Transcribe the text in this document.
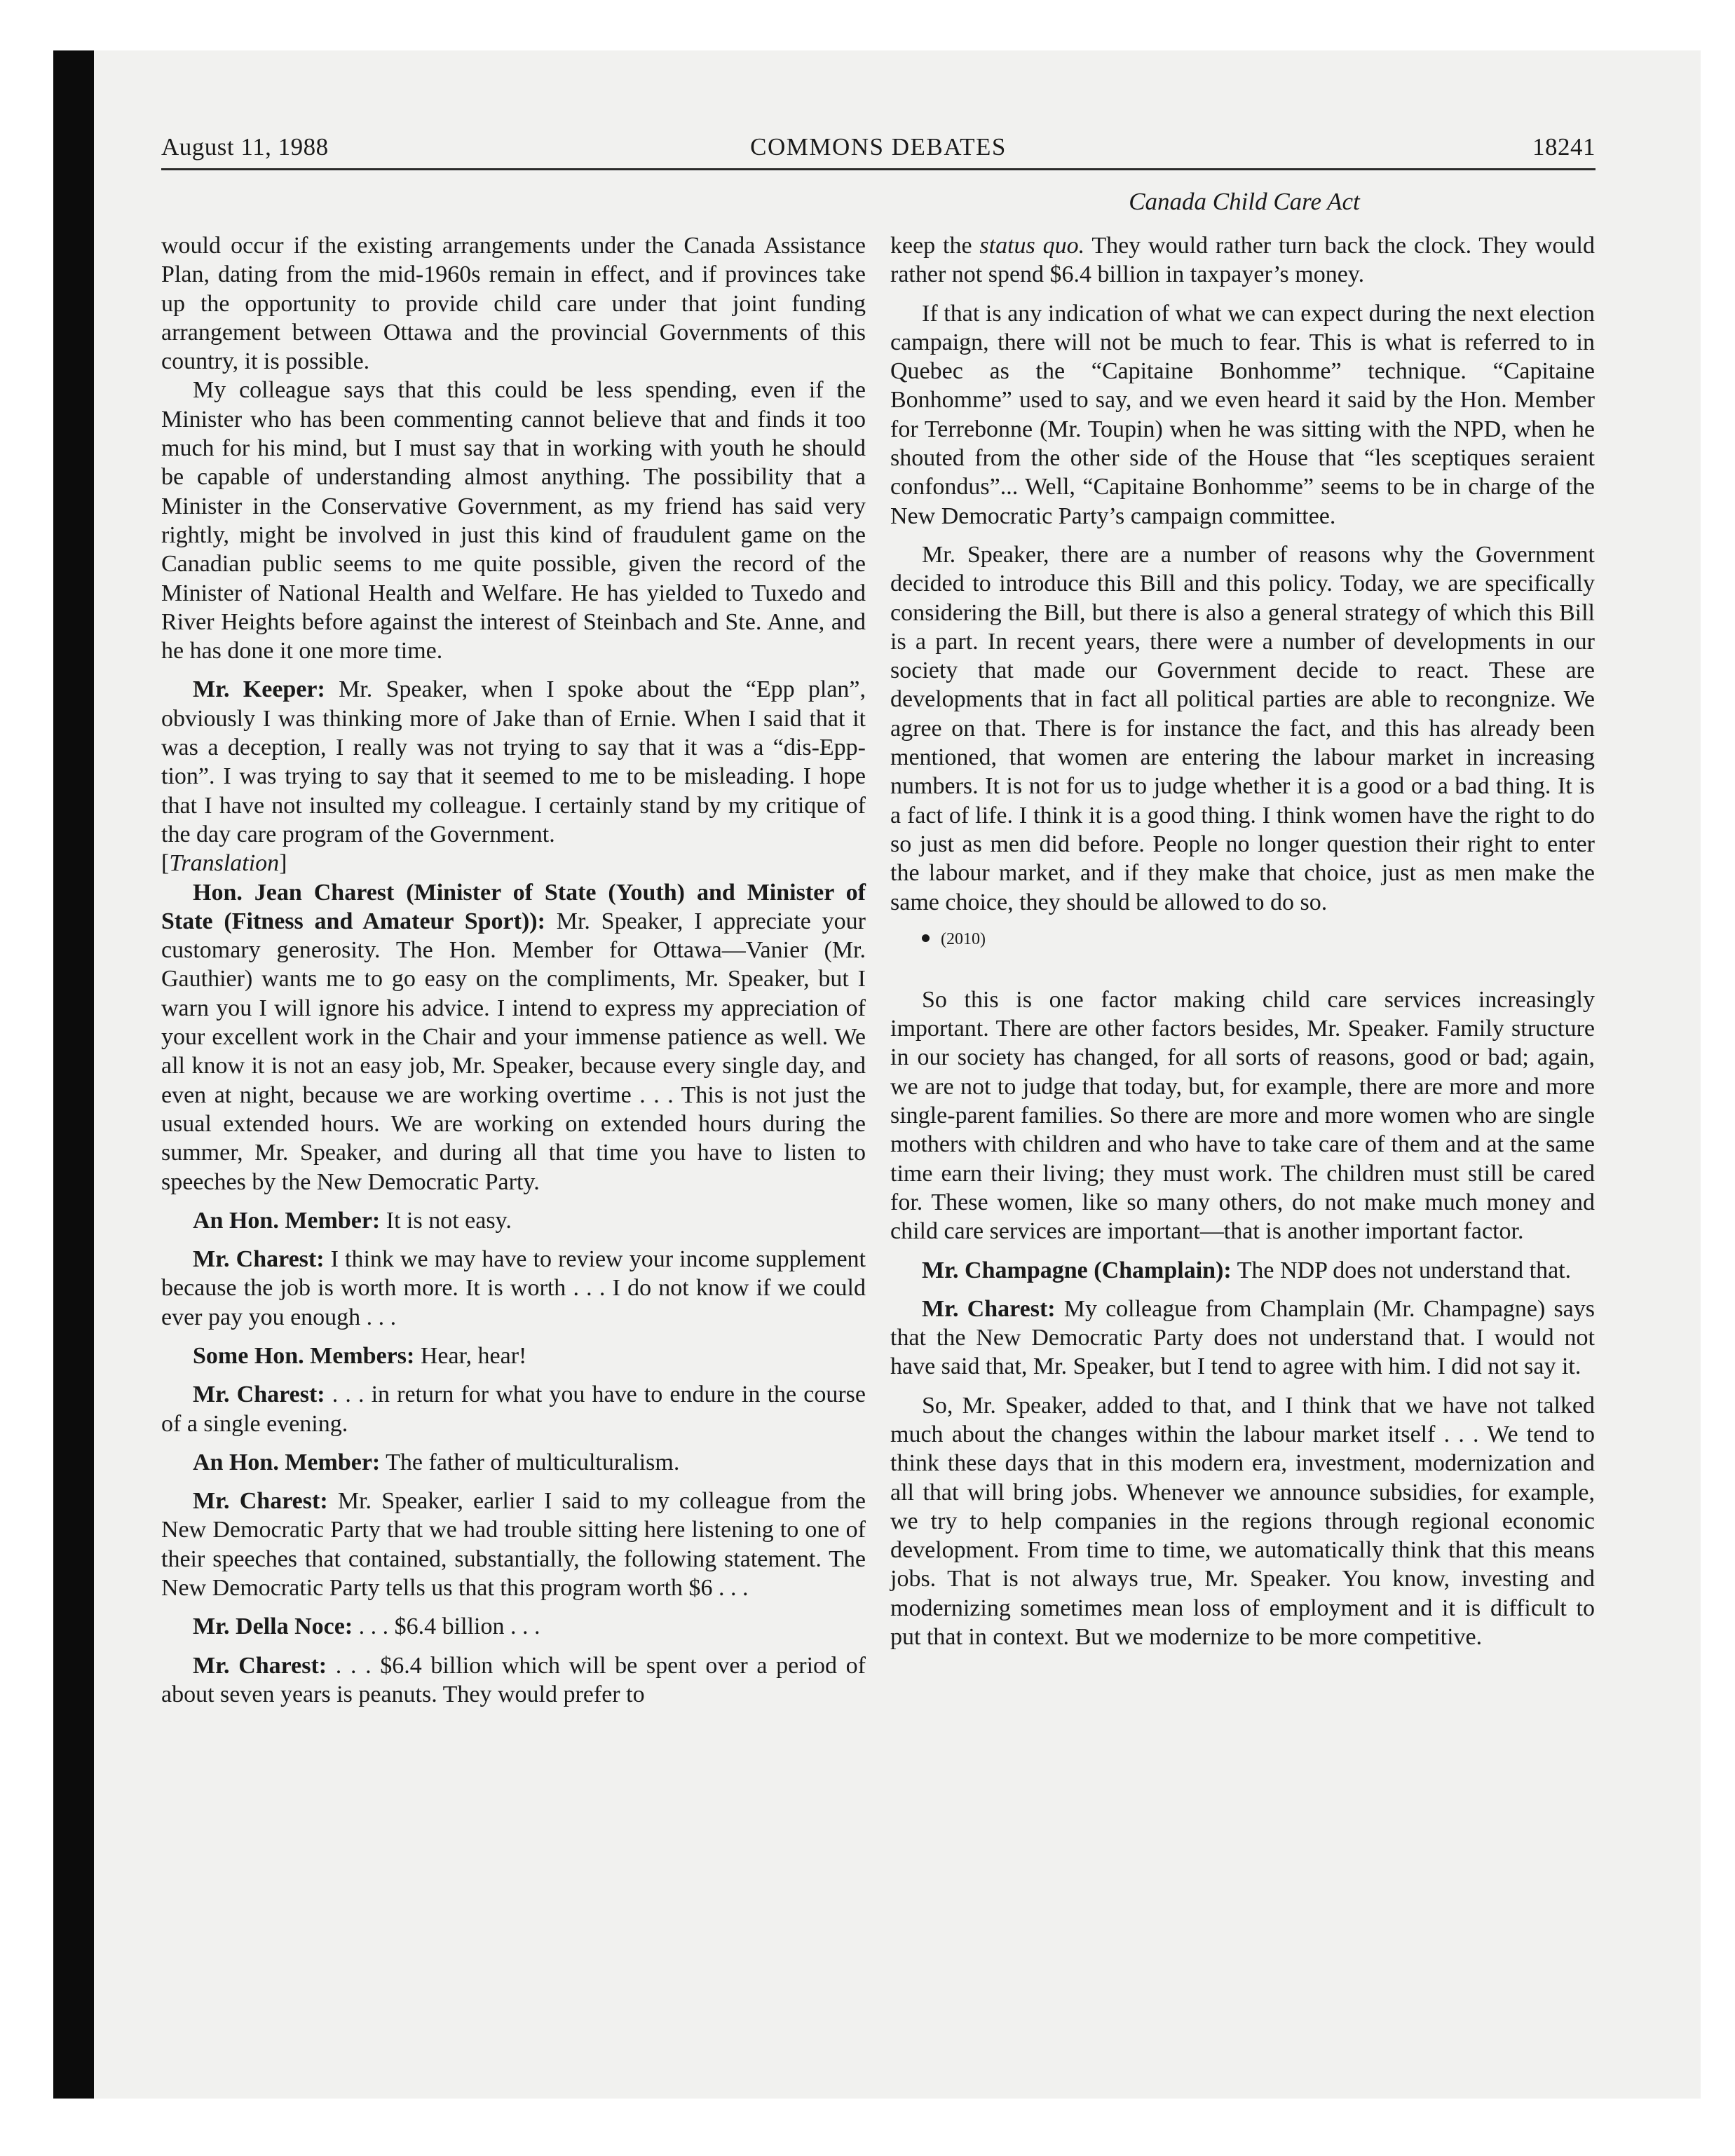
August 11, 1988	COMMONS DEBATES	18241
Canada Child Care Act

would occur if the existing arrangements under the Canada Assistance Plan, dating from the mid-1960s remain in effect, and if provinces take up the opportunity to provide child care under that joint funding arrangement between Ottawa and the provincial Governments of this country, it is possible.

My colleague says that this could be less spending, even if the Minister who has been commenting cannot believe that and finds it too much for his mind, but I must say that in working with youth he should be capable of understanding almost anything. The possibility that a Minister in the Conservative Government, as my friend has said very rightly, might be involved in just this kind of fraudulent game on the Canadian public seems to me quite possible, given the record of the Minister of National Health and Welfare. He has yielded to Tuxedo and River Heights before against the interest of Steinbach and Ste. Anne, and he has done it one more time.

Mr. Keeper: Mr. Speaker, when I spoke about the “Epp plan”, obviously I was thinking more of Jake than of Ernie. When I said that it was a deception, I really was not trying to say that it was a “dis-Epp-tion”. I was trying to say that it seemed to me to be misleading. I hope that I have not insulted my colleague. I certainly stand by my critique of the day care program of the Government.

[Translation]

Hon. Jean Charest (Minister of State (Youth) and Minister of State (Fitness and Amateur Sport)): Mr. Speaker, I appreciate your customary generosity. The Hon. Member for Ottawa—Vanier (Mr. Gauthier) wants me to go easy on the compliments, Mr. Speaker, but I warn you I will ignore his advice. I intend to express my appreciation of your excellent work in the Chair and your immense patience as well. We all know it is not an easy job, Mr. Speaker, because every single day, and even at night, because we are working overtime . . . This is not just the usual extended hours. We are working on extended hours during the summer, Mr. Speaker, and during all that time you have to listen to speeches by the New Democratic Party.

An Hon. Member: It is not easy.

Mr. Charest: I think we may have to review your income supplement because the job is worth more. It is worth . . . I do not know if we could ever pay you enough . . .

Some Hon. Members: Hear, hear!

Mr. Charest: . . . in return for what you have to endure in the course of a single evening.

An Hon. Member: The father of multiculturalism.

Mr. Charest: Mr. Speaker, earlier I said to my colleague from the New Democratic Party that we had trouble sitting here listening to one of their speeches that contained, substantially, the following statement. The New Democratic Party tells us that this program worth $6 . . .

Mr. Della Noce: . . . $6.4 billion . . .

Mr. Charest: . . . $6.4 billion which will be spent over a period of about seven years is peanuts. They would prefer to

keep the status quo. They would rather turn back the clock. They would rather not spend $6.4 billion in taxpayer’s money.

If that is any indication of what we can expect during the next election campaign, there will not be much to fear. This is what is referred to in Quebec as the “Capitaine Bonhomme” technique. “Capitaine Bonhomme” used to say, and we even heard it said by the Hon. Member for Terrebonne (Mr. Toupin) when he was sitting with the NPD, when he shouted from the other side of the House that “les sceptiques seraient confondus”... Well, “Capitaine Bonhomme” seems to be in charge of the New Democratic Party’s campaign committee.

Mr. Speaker, there are a number of reasons why the Government decided to introduce this Bill and this policy. Today, we are specifically considering the Bill, but there is also a general strategy of which this Bill is a part. In recent years, there were a number of developments in our society that made our Government decide to react. These are developments that in fact all political parties are able to recongnize. We agree on that. There is for instance the fact, and this has already been mentioned, that women are entering the labour market in increasing numbers. It is not for us to judge whether it is a good or a bad thing. It is a fact of life. I think it is a good thing. I think women have the right to do so just as men did before. People no longer question their right to enter the labour market, and if they make that choice, just as men make the same choice, they should be allowed to do so.

(2010)

So this is one factor making child care services increasingly important. There are other factors besides, Mr. Speaker. Family structure in our society has changed, for all sorts of reasons, good or bad; again, we are not to judge that today, but, for example, there are more and more single-parent families. So there are more and more women who are single mothers with children and who have to take care of them and at the same time earn their living; they must work. The children must still be cared for. These women, like so many others, do not make much money and child care services are important—that is another important factor.

Mr. Champagne (Champlain): The NDP does not understand that.

Mr. Charest: My colleague from Champlain (Mr. Champagne) says that the New Democratic Party does not understand that. I would not have said that, Mr. Speaker, but I tend to agree with him. I did not say it.

So, Mr. Speaker, added to that, and I think that we have not talked much about the changes within the labour market itself . . . We tend to think these days that in this modern era, investment, modernization and all that will bring jobs. Whenever we announce subsidies, for example, we try to help companies in the regions through regional economic development. From time to time, we automatically think that this means jobs. That is not always true, Mr. Speaker. You know, investing and modernizing sometimes mean loss of employment and it is difficult to put that in context. But we modernize to be more competitive.
